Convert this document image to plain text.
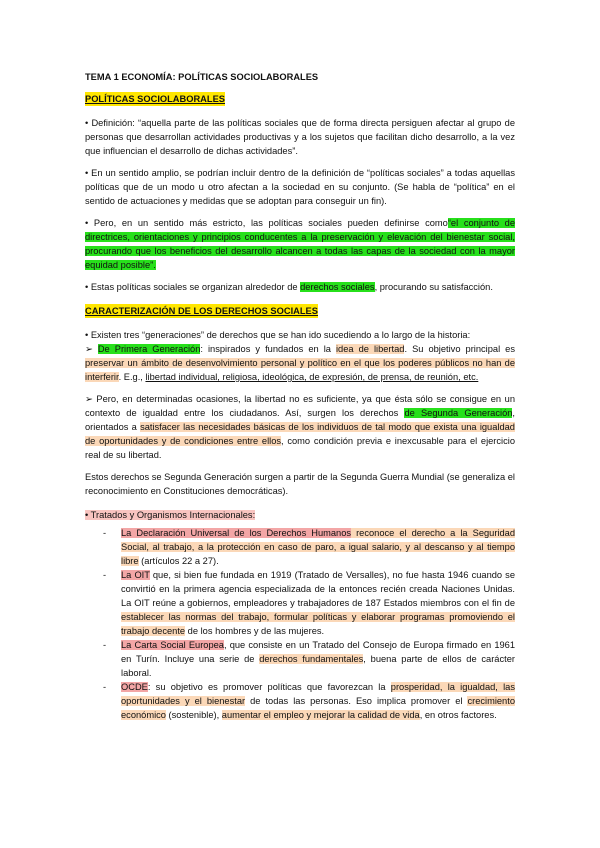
TEMA 1 ECONOMÍA: POLÍTICAS SOCIOLABORALES

POLÍTICAS SOCIOLABORALES

• Definición: “aquella parte de las políticas sociales que de forma directa persiguen afectar al grupo de personas que desarrollan actividades productivas y a los sujetos que facilitan dicho desarrollo, a la vez que influencian el desarrollo de dichas actividades”.

• En un sentido amplio, se podrían incluir dentro de la definición de “políticas sociales” a todas aquellas políticas que de un modo u otro afectan a la sociedad en su conjunto. (Se habla de “política” en el sentido de actuaciones y medidas que se adoptan para conseguir un fin).

• Pero, en un sentido más estricto, las políticas sociales pueden definirse como“el conjunto de directrices, orientaciones y principios conducentes a la preservación y elevación del bienestar social, procurando que los beneficios del desarrollo alcancen a todas las capas de la sociedad con la mayor equidad posible”.

• Estas políticas sociales se organizan alrededor de derechos sociales, procurando su satisfacción.

CARACTERIZACIÓN DE LOS DERECHOS SOCIALES

• Existen tres “generaciones” de derechos que se han ido sucediendo a lo largo de la historia:

➢ De Primera Generación: inspirados y fundados en la idea de libertad. Su objetivo principal es preservar un ámbito de desenvolvimiento personal y político en el que los poderes públicos no han de interferir. E.g., libertad individual, religiosa, ideológica, de expresión, de prensa, de reunión, etc.

➢ Pero, en determinadas ocasiones, la libertad no es suficiente, ya que ésta sólo se consigue en un contexto de igualdad entre los ciudadanos. Así, surgen los derechos de Segunda Generación, orientados a satisfacer las necesidades básicas de los individuos de tal modo que exista una igualdad de oportunidades y de condiciones entre ellos, como condición previa e inexcusable para el ejercicio real de su libertad.

Estos derechos se Segunda Generación surgen a partir de la Segunda Guerra Mundial (se generaliza el reconocimiento en Constituciones democráticas).

• Tratados y Organismos Internacionales:

- La Declaración Universal de los Derechos Humanos reconoce el derecho a la Seguridad Social, al trabajo, a la protección en caso de paro, a igual salario, y al descanso y al tiempo libre (artículos 22 a 27).
- La OIT que, si bien fue fundada en 1919 (Tratado de Versalles), no fue hasta 1946 cuando se convirtió en la primera agencia especializada de la entonces recién creada Naciones Unidas. La OIT reúne a gobiernos, empleadores y trabajadores de 187 Estados miembros con el fin de establecer las normas del trabajo, formular políticas y elaborar programas promoviendo el trabajo decente de los hombres y de las mujeres.
- La Carta Social Europea, que consiste en un Tratado del Consejo de Europa firmado en 1961 en Turín. Incluye una serie de derechos fundamentales, buena parte de ellos de carácter laboral.
- OCDE: su objetivo es promover políticas que favorezcan la prosperidad, la igualdad, las oportunidades y el bienestar de todas las personas. Eso implica promover el crecimiento económico (sostenible), aumentar el empleo y mejorar la calidad de vida, en otros factores.
